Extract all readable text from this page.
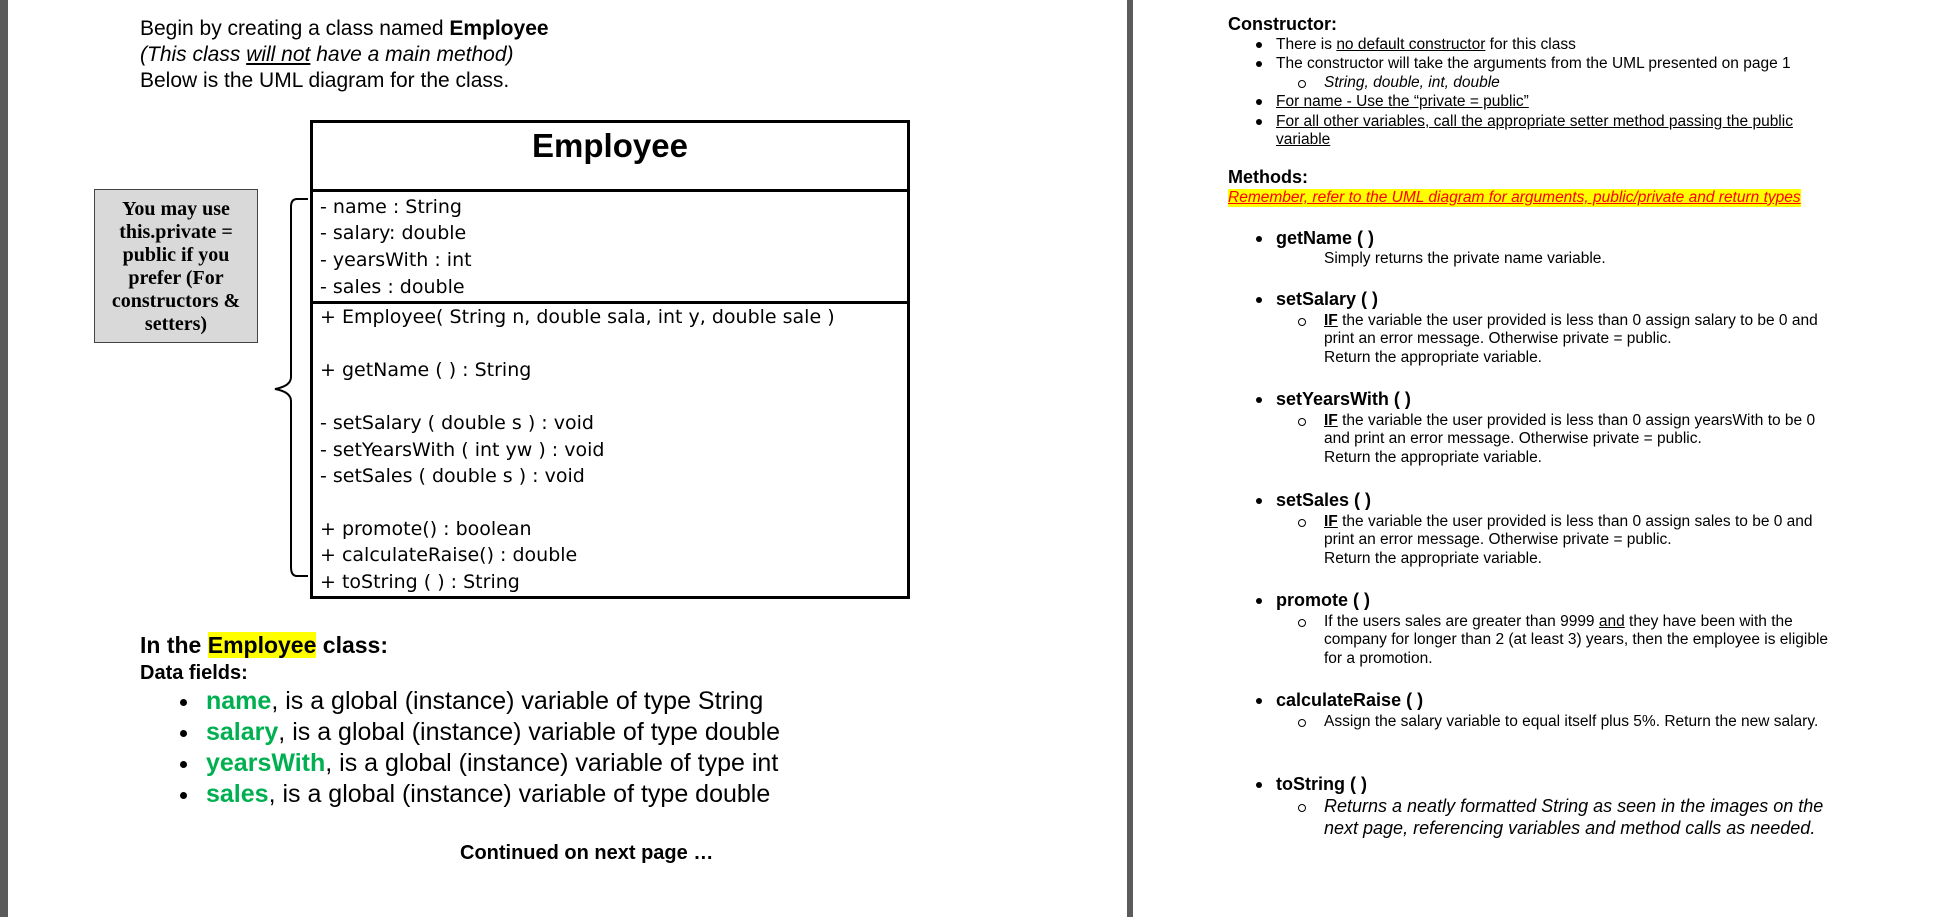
Begin by creating a class named Employee
(This class will not have a main method)
Below is the UML diagram for the class.
You may use this.private = public if you prefer (For constructors & setters)
Employee
- name : String
- salary: double
- yearsWith : int
- sales : double
+ Employee( String n, double sala, int y, double sale )
+ getName ( ) : String
- setSalary ( double s ) : void
- setYearsWith ( int yw ) : void
- setSales ( double s ) : void
+ promote() : boolean
+ calculateRaise() : double
+ toString ( ) : String
In the Employee class:
Data fields:
name, is a global (instance) variable of type String
salary, is a global (instance) variable of type double
yearsWith, is a global (instance) variable of type int
sales, is a global (instance) variable of type double
Continued on next page …
Constructor:
There is no default constructor for this class
The constructor will take the arguments from the UML presented on page 1
String, double, int, double
For name - Use the “private = public”
For all other variables, call the appropriate setter method passing the public
variable
Methods:
Remember, refer to the UML diagram for arguments, public/private and return types
getName ( )
Simply returns the private name variable.
setSalary ( )
IF the variable the user provided is less than 0 assign salary to be 0 and
print an error message. Otherwise private = public.
Return the appropriate variable.
setYearsWith ( )
IF the variable the user provided is less than 0 assign yearsWith to be 0
and print an error message. Otherwise private = public.
Return the appropriate variable.
setSales ( )
IF the variable the user provided is less than 0 assign sales to be 0 and
print an error message. Otherwise private = public.
Return the appropriate variable.
promote ( )
If the users sales are greater than 9999 and they have been with the
company for longer than 2 (at least 3) years, then the employee is eligible
for a promotion.
calculateRaise ( )
Assign the salary variable to equal itself plus 5%. Return the new salary.
toString ( )
Returns a neatly formatted String as seen in the images on the
next page, referencing variables and method calls as needed.
